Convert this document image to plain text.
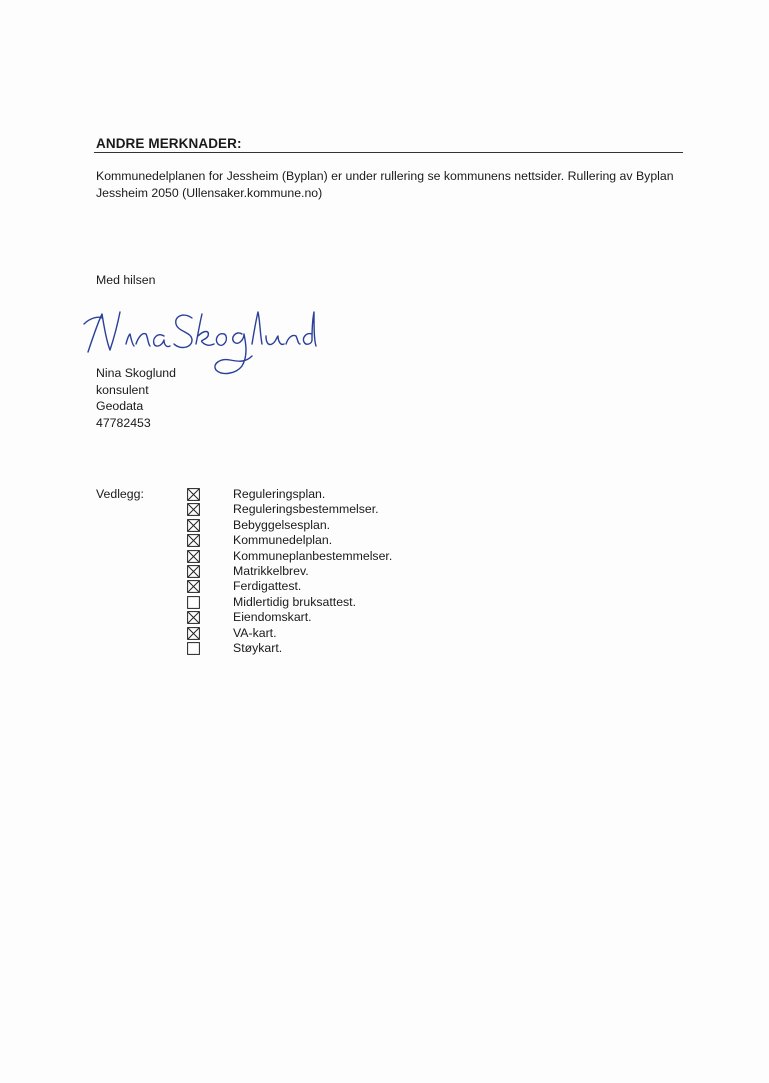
ANDRE MERKNADER:
Kommunedelplanen for Jessheim (Byplan) er under rullering se kommunens nettsider. Rullering av Byplan Jessheim 2050 (Ullensaker.kommune.no)
Med hilsen
Nina Skoglund
konsulent
Geodata
47782453
Vedlegg:	Reguleringsplan.
Reguleringsbestemmelser.
Bebyggelsesplan.
Kommunedelplan.
Kommuneplanbestemmelser.
Matrikkelbrev.
Ferdigattest.
Midlertidig bruksattest.
Eiendomskart.
VA-kart.
Støykart.
